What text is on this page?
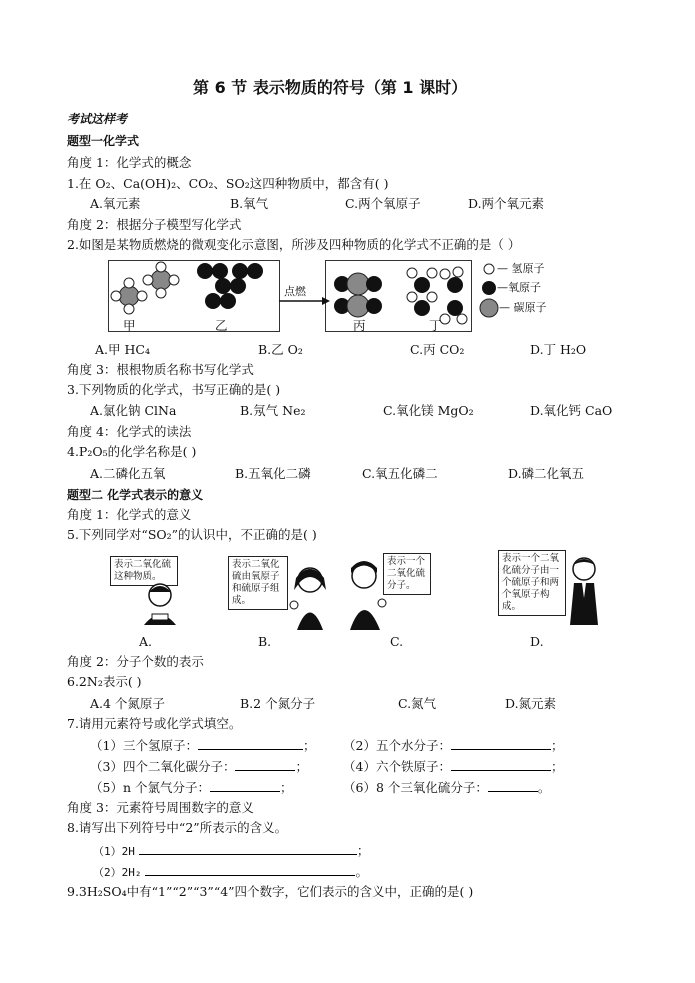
第 6 节 表示物质的符号（第 1 课时）
考试这样考
题型一化学式
角度 1：化学式的概念
1.在 O₂、Ca(OH)₂、CO₂、SO₂这四种物质中，都含有( )
A.氧元素	B.氧气	C.两个氧原子	D.两个氧元素
角度 2：根据分子模型写化学式
2.如图是某物质燃烧的微观变化示意图，所涉及四种物质的化学式不正确的是（ ）
甲	乙	丙	丁
点燃
— 氢原子
—氧原子
— 碳原子
A.甲 HC₄	B.乙 O₂	C.丙 CO₂	D.丁 H₂O
角度 3：根根物质名称书写化学式
3.下列物质的化学式，书写正确的是( )
A.氯化钠 ClNa	B.氖气 Ne₂	C.氧化镁 MgO₂	D.氧化钙 CaO
角度 4：化学式的读法
4.P₂O₅的化学名称是( )
A.二磷化五氧	B.五氧化二磷	C.氧五化磷二	D.磷二化氧五
题型二 化学式表示的意义
角度 1：化学式的意义
5.下列同学对“SO₂”的认识中，不正确的是( )
表示二氧化硫这种物质。
表示二氧化硫由氧原子和硫原子组成。
表示一个二氧化硫分子。
表示一个二氧化硫分子由一个硫原子和两个氧原子构成。
A.	B.	C.	D.
角度 2：分子个数的表示
6.2N₂表示( )
A.4 个氮原子	B.2 个氮分子	C.氮气	D.氮元素
7.请用元素符号或化学式填空。
（1）三个氢原子：	； （2）五个水分子：	；
（3）四个二氧化碳分子：	；	（4）六个铁原子：	；
（5）n 个氯气分子：	；	（6）8 个三氧化硫分子：	。
角度 3：元素符号周围数字的意义
8.请写出下列符号中“2”所表示的含义。
（1）2H	；
（2）2H₂	。
9.3H₂SO₄中有“1”“2”“3”“4”四个数字，它们表示的含义中，正确的是( )
